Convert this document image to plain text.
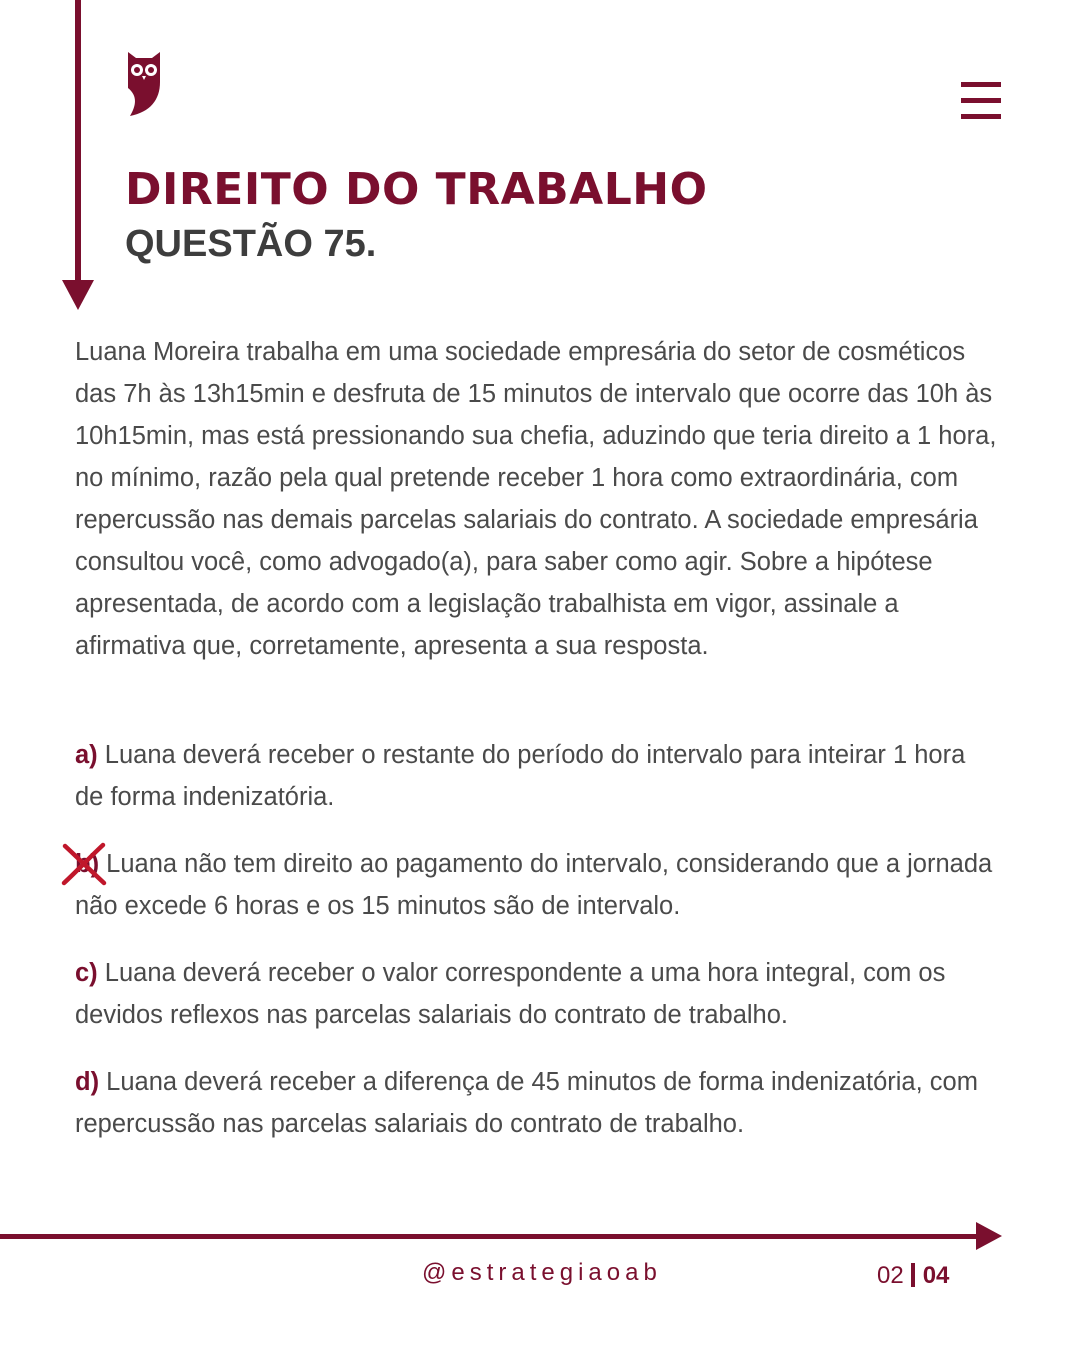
DIREITO DO TRABALHO
QUESTÃO 75.

Luana Moreira trabalha em uma sociedade empresária do setor de cosméticos das 7h às 13h15min e desfruta de 15 minutos de intervalo que ocorre das 10h às 10h15min, mas está pressionando sua chefia, aduzindo que teria direito a 1 hora, no mínimo, razão pela qual pretende receber 1 hora como extraordinária, com repercussão nas demais parcelas salariais do contrato. A sociedade empresária consultou você, como advogado(a), para saber como agir. Sobre a hipótese apresentada, de acordo com a legislação trabalhista em vigor, assinale a afirmativa que, corretamente, apresenta a sua resposta.

a) Luana deverá receber o restante do período do intervalo para inteirar 1 hora de forma indenizatória.

b) Luana não tem direito ao pagamento do intervalo, considerando que a jornada não excede 6 horas e os 15 minutos são de intervalo.

c) Luana deverá receber o valor correspondente a uma hora integral, com os devidos reflexos nas parcelas salariais do contrato de trabalho.

d) Luana deverá receber a diferença de 45 minutos de forma indenizatória, com repercussão nas parcelas salariais do contrato de trabalho.

@estrategiaoab	02 04
